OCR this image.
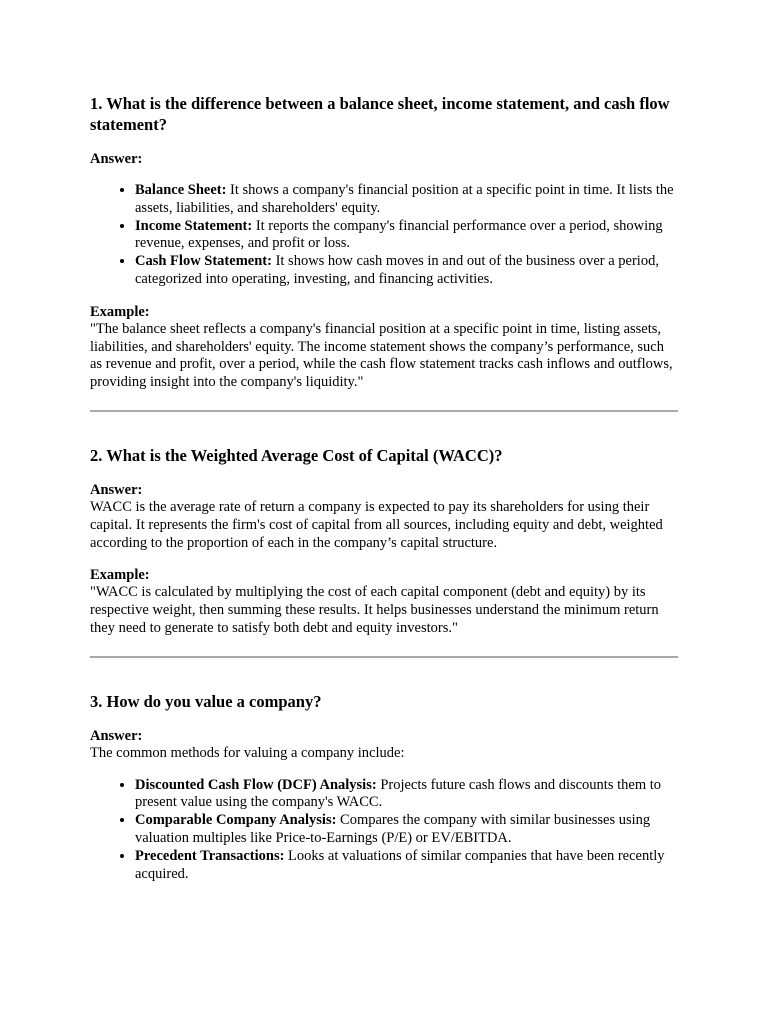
1. What is the difference between a balance sheet, income statement, and cash flow statement?
Answer:
• Balance Sheet: It shows a company's financial position at a specific point in time. It lists the assets, liabilities, and shareholders' equity.
• Income Statement: It reports the company's financial performance over a period, showing revenue, expenses, and profit or loss.
• Cash Flow Statement: It shows how cash moves in and out of the business over a period, categorized into operating, investing, and financing activities.
Example:

"The balance sheet reflects a company's financial position at a specific point in time, listing assets, liabilities, and shareholders' equity. The income statement shows the company’s performance, such as revenue and profit, over a period, while the cash flow statement tracks cash inflows and outflows, providing insight into the company's liquidity."

2. What is the Weighted Average Cost of Capital (WACC)?
Answer:

WACC is the average rate of return a company is expected to pay its shareholders for using their capital. It represents the firm's cost of capital from all sources, including equity and debt, weighted according to the proportion of each in the company’s capital structure.

Example:

"WACC is calculated by multiplying the cost of each capital component (debt and equity) by its respective weight, then summing these results. It helps businesses understand the minimum return they need to generate to satisfy both debt and equity investors."

3. How do you value a company?
Answer:

The common methods for valuing a company include:

• Discounted Cash Flow (DCF) Analysis: Projects future cash flows and discounts them to present value using the company's WACC.
• Comparable Company Analysis: Compares the company with similar businesses using valuation multiples like Price-to-Earnings (P/E) or EV/EBITDA.
• Precedent Transactions: Looks at valuations of similar companies that have been recently acquired.
